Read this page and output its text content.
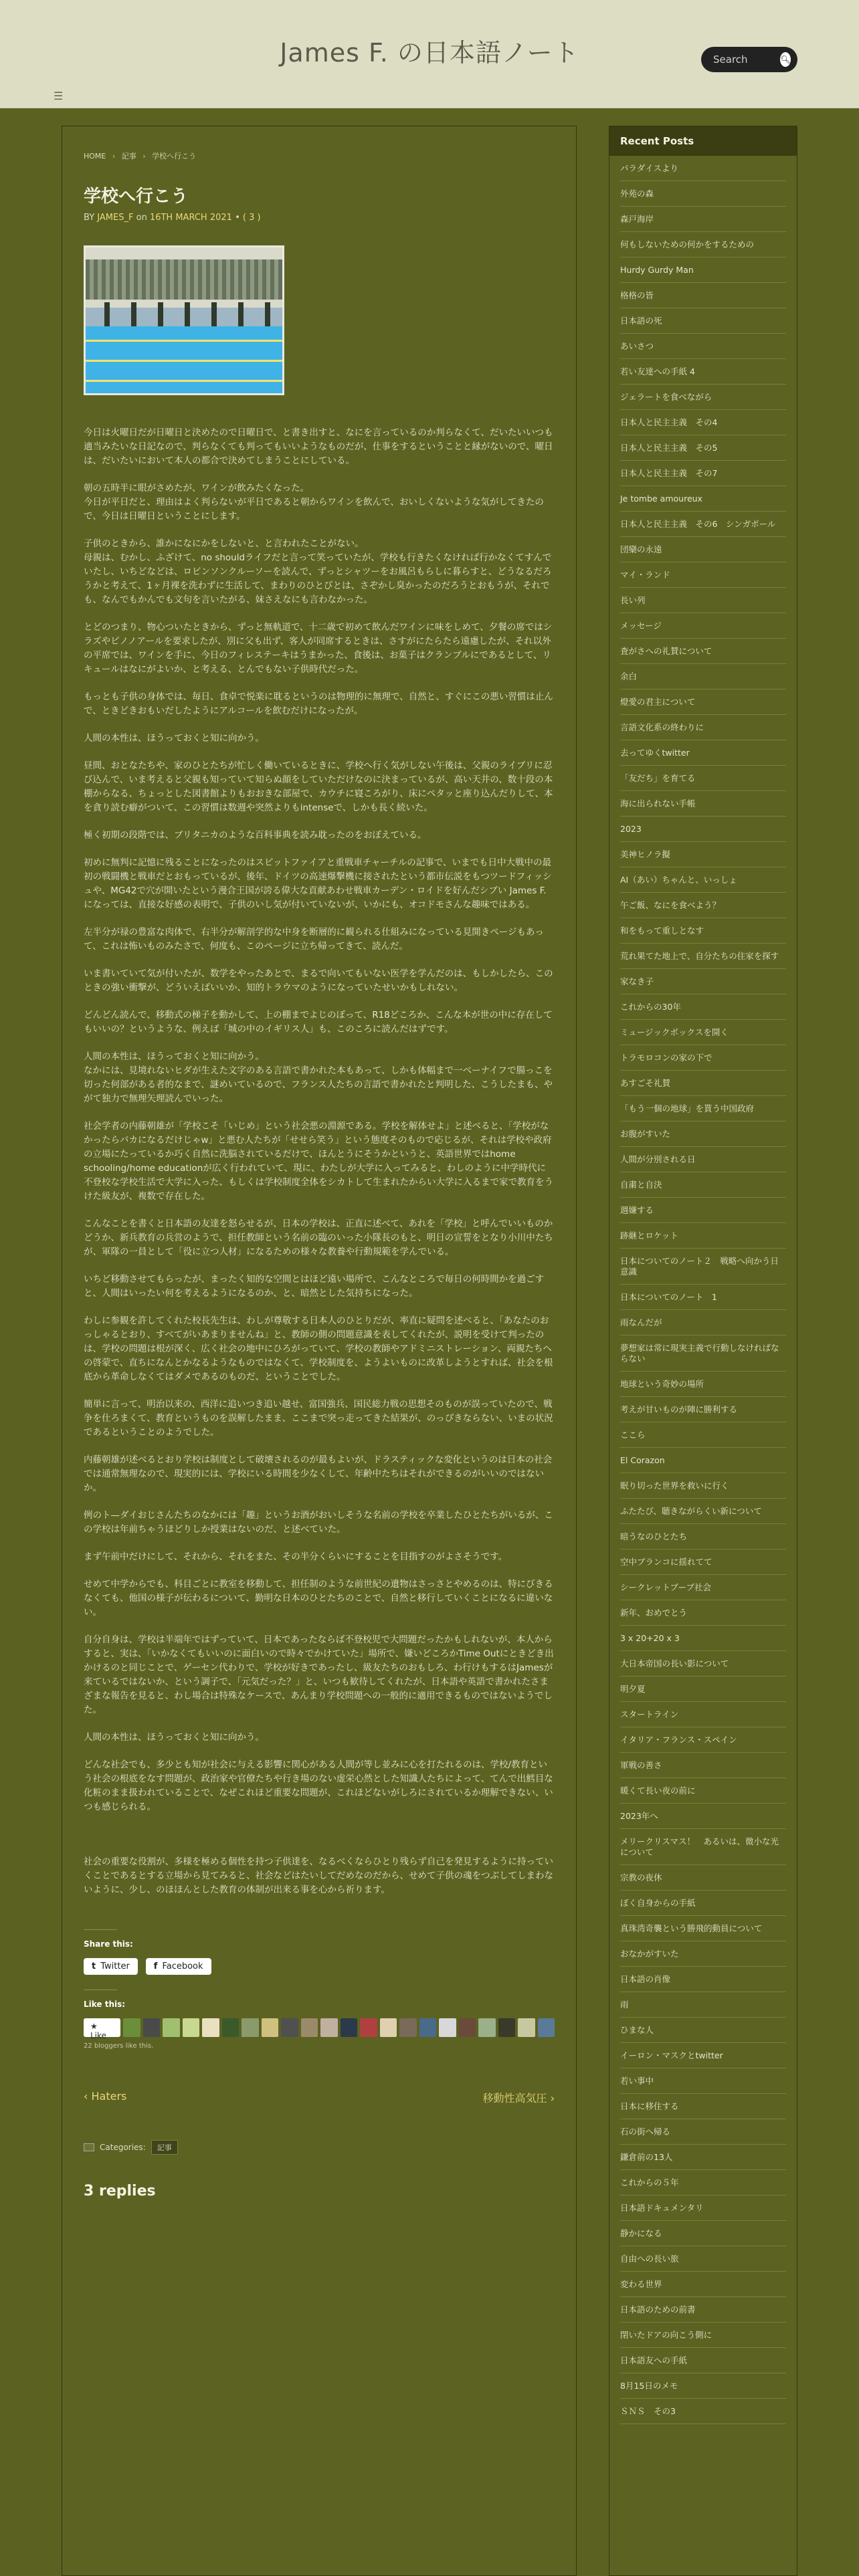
James F. の日本語ノート
Search	🔍︎
☰
HOME › 記事 › 学校へ行こう
学校へ行こう
BY JAMES_F on 16TH MARCH 2021 • ( 3 )

今日は火曜日だが日曜日と決めたので日曜日で、と書き出すと、なにを言っているのか判らなくて、だいたいいつも適当みたいな日記なので、判らなくても判ってもいいようなものだが、仕事をするということと縁がないので、曜日は、だいたいにおいて本人の都合で決めてしまうことにしている。

朝の五時半に眼がさめたが、ワインが飲みたくなった。
今日が平日だと、理由はよく判らないが平日であると朝からワインを飲んで、おいしくないような気がしてきたので、今日は日曜日ということにします。

子供のときから、誰かになにかをしないと、と言われたことがない。
母親は、むかし、ふざけて、no shouldライフだと言って笑っていたが、学校も行きたくなければ行かなくてすんでいたし、いちどなどは、ロビンソンクルーソーを読んで、ずっとシャツーをお風呂もらしに暮らすと、どうなるだろうかと考えて、1ヶ月裸を洗わずに生活して、まわりのひとびとは、さぞかし臭かったのだろうとおもうが、それでも、なんでもかんでも文句を言いたがる、妹さえなにも言わなかった。

とどのつまり、物心ついたときから、ずっと無軌道で、十二歳で初めて飲んだワインに味をしめて、夕餐の席ではシラズやピノノアールを要求したが、別に父も出ず、客人が同席するときは、さすがにたらたら遠慮したが、それ以外の平席では、ワインを手に、今日のフィレステーキはうまかった、食後は、お菓子はクランブルにであるとして、リキュールはなにがよいか、と考える、とんでもない子供時代だった。

もっとも子供の身体では、毎日、食卓で悦楽に耽るというのは物理的に無理で、自然と、すぐにこの悪い習慣は止んで、ときどきおもいだしたようにアルコールを飲むだけになったが。

人間の本性は、ほうっておくと知に向かう。

昼間、おとなたちや、家のひとたちが忙しく働いているときに、学校へ行く気がしない午後は、父親のライブリに忍び込んで、いま考えると父親も知っていて知らぬ顔をしていただけなのに決まっているが、高い天井の、数十段の本棚からなる、ちょっとした図書館よりもおおきな部屋で、カウチに寝ころがり、床にペタッと座り込んだりして、本を貪り読む癖がついて、この習慣は数週や突然よりもintenseで、しかも長く続いた。

極く初期の段階では、ブリタニカのような百科事典を読み耽ったのをおぼえている。

初めに無判に記憶に残ることになったのはスピットファイアと重戦車チャーチルの記事で、いまでも日中大戦中の最初の戦闘機と戦車だとおもっているが、後年、ドイツの高速爆撃機に接されたという都市伝説をもつツードフィッシュや、MG42で穴が開いたという漫合王国が誇る偉大な貢献あわせ戦車カーデン・ロイドを好んだシブい James F.になっては、直接な好感の表明で、子供のいし気が付いていないが、いかにも、オコドモさんな趣味ではある。

左半分が禄の豊富な肉体で、右半分が解剖学的な中身を断層的に観られる仕組みになっている見開きページもあって、これは怖いものみたさで、何度も、このページに立ち帰ってきて、読んだ。

いま書いていて気が付いたが、数学をやったあとで、まるで向いてもいない医学を学んだのは、もしかしたら、このときの強い衝撃が、どういえばいいか、知的トラウマのようになっていたせいかもしれない。

どんどん読んで、移動式の梯子を動かして、上の棚までよじのぼって、R18どころか、こんな本が世の中に存在してもいいの？というような、例えば「城の中のイギリス人」も、このころに読んだはずです。

人間の本性は、ほうっておくと知に向かう。
なかには、見境れないヒダが生えた文字のある言語で書かれた本もあって、しかも体幅まで一べーナイフで腸っこを切った何部がある者的なまで、謎めいているので、フランス人たちの言語で書かれたと判明した、こうしたまも、やがて独力で無理矢理読んでいった。

社会学者の内藤朝雄が「学校こそ「いじめ」という社会悪の淵源である。学校を解体せよ」と述べると、「学校がなかったらバカになるだけじゃw」と悪む人たちが「せせら笑う」という態度そのもので応じるが、それは学校や政府の立場にたっているか巧く自然に洗脳されているだけで、ほんとうにそうかというと、英語世界ではhome schooling/home educationが広く行われていて、現に、わたしが大学に入ってみると、わしのように中学時代に不登校な学校生活で大学に入った、もしくは学校制度全体をシカトして生まれたからい大学に入るまで家で教育をうけた級友が、複数で存在した。

こんなことを書くと日本語の友達を怒らせるが、日本の学校は、正直に述べて、あれを「学校」と呼んでいいものかどうか、新兵教育の兵営のようで、担任教師という名前の臨のいった小隊長のもと、明日の宣誓をとなり小川中たちが、軍隊の一員として「役に立つ人材」になるための様々な教養や行動規範を学んでいる。

いちど移動させてもらったが、まったく知的な空間とはほど遠い場所で、こんなところで毎日の何時間かを過ごすと、人間はいったい何を考えるようになるのか、と、暗然とした気持ちになった。

わしに参観を許してくれた校長先生は、わしが尊敬する日本人のひとりだが、率直に疑問を述べると、「あなたのおっしゃるとおり、すべてがいあまりませんね」と、教師の側の問題意識を表してくれたが、説明を受けて判ったのは、学校の問題は根が深く、広く社会の地中にひろがっていて、学校の教師やアドミニストレーション、両親たちへの啓蒙で、直ちになんとかなるようなものではなくて、学校制度を、ようよいものに改革しようとすれば、社会を根底から革命しなくてはダメであるのものだ、ということでした。

簡単に言って、明治以来の、西洋に追いつき追い越せ、富国強兵、国民総力戦の思想そのものが誤っていたので、戦争を仕ろまくて、教育というものを誤解したまま、ここまで突っ走ってきた結果が、のっぴきならない、いまの状況であるということのようでした。

内藤朝雄が述べるとおり学校は制度として破壊されるのが最もよいが、ドラスティックな変化というのは日本の社会では通常無理なので、現実的には、学校にいる時間を少なくして、年齢中たちはそれができるのがいいのではないか。

例のト—ダイおじさんたちのなかには「趣」というお酒がおいしそうな名前の学校を卒業したひとたちがいるが、この学校は年前ちゃうほどりしか授業はないのだ、と述べていた。

まず午前中だけにして、それから、それをまた、その半分くらいにすることを目指すのがよさそうです。

せめて中学からでも、科目ごとに教室を移動して、担任制のような前世紀の遺物はさっさとやめるのは、特にびきるなくても、他国の様子が伝わるについて、勤明な日本のひとたちのことで、自然と移行していくことになるに違いない。

自分自身は、学校は半端年ではずっていて、日本であったならば不登校児で大問題だったかもしれないが、本人からすると、実は、「いかなくてもいいのに面白いので時々でかけていた」場所で、嫌いどころかTime Outにときどき出かけるのと同じことで、ゲーセン代わりで、学校が好きであったし、級友たちのおもしろ、わ行けもするはJamesが来ているではないか、という調子で、「元気だった？」と、いつも歓待してくれたが、日本語や英語で書かれたさまざまな報告を見ると、わし場合は特殊なケースで、あんまり学校問題への一般的に適用できるものではないようでした。

人間の本性は、ほうっておくと知に向かう。

どんな社会でも、多少とも知が社会に与える影響に関心がある人間が等し並みに心を打たれるのは、学校/教育という社会の根底をなす問題が、政治家や官僚たちや行き場のない虚栄心然とした知識人たちによって、てんで出鱈目な化粧のまま扱われていることで、なぜこれほど重要な問題が、これほどないがしろにされているか理解できない、いつも感じられる。

社会の重要な役割が、多様を極める個性を持つ子供達を、なるべくならひとり残らず自己を発見するように持っていくことであるとする立場から見てみると、社会などはたいしてだめなのだから、せめて子供の魂をつぶしてしまわないように、少し、のほほんとした教育の体制が出来る事を心から祈ります。

Share this:
t Twitter	f Facebook
Like this:
★ Like
22 bloggers like this.
‹ Haters	移動性高気圧 ›
Categories:	記事
3 replies
Recent Posts
パラダイスより
外苑の森
森戸海岸
何もしないための何かをするための
Hurdy Gurdy Man
格格の皆
日本語の死
あいさつ
若い友達への手紙 4
ジェラートを食べながら
日本人と民主主義　その4
日本人と民主主義　その5
日本人と民主主義　その7
Je tombe amoureux
日本人と民主主義　その6　シンガポール
団欒の永遠
マイ・ランド
長い列
メッセージ
査がさへの礼賛について
余白
燈愛の君主について
言語文化系の終わりに
去ってゆくtwitter
「友だち」を育てる
海に出られない手帳
2023
美神ヒノラ擬
AI（あい）ちゃんと、いっしょ
午ご飯、なにを食べよう？
和をもって重しとなす
荒れ果てた地上で、自分たちの住家を探す
家なき子
これからの30年
ミュージックボックスを開く
トラモロコンの家の下で
あすごそ礼賛
「もう一個の地球」を貰う中国政府
お腹がすいた
人間が分別される日
自粛と自決
週嫌する
跡継とロケット
日本についてのノート２　戦略へ向かう日意識
日本についてのノート　1
雨なんだが
夢想家は常に現実主義で行動しなければならない
地球という奇妙の場所
考えが甘いものが陣に勝利する
ここら
El Corazon
眠り切った世界を救いに行く
ふたたび、聴きながらくい新について
暗うなのひとたち
空中ブランコに揺れてて
シークレットブーブ社会
新年、おめでとう
3 x 20+20 x 3
大日本帝国の長い影について
明夕夏
スタートライン
イタリア・フランス・スペイン
軍戦の善さ
暖くて長い夜の前に
2023年へ
メリークリスマス！　あるいは、微小な光について
宗教の夜休
ぼく自身からの手紙
真珠湾奇襲という勝飛的動員について
おなかがすいた
日本語の肖像
雨
ひまな人
イーロン・マスクとtwitter
若い事中
日本に移住する
石の街へ帰る
鎌倉前の13人
これからの５年
日本語ドキュメンタリ
静かになる
自由への長い旅
変わる世界
日本語のための前書
閉いたドアの向こう側に
日本語友への手紙
8月15日のメモ
ＳＮＳ　その3
